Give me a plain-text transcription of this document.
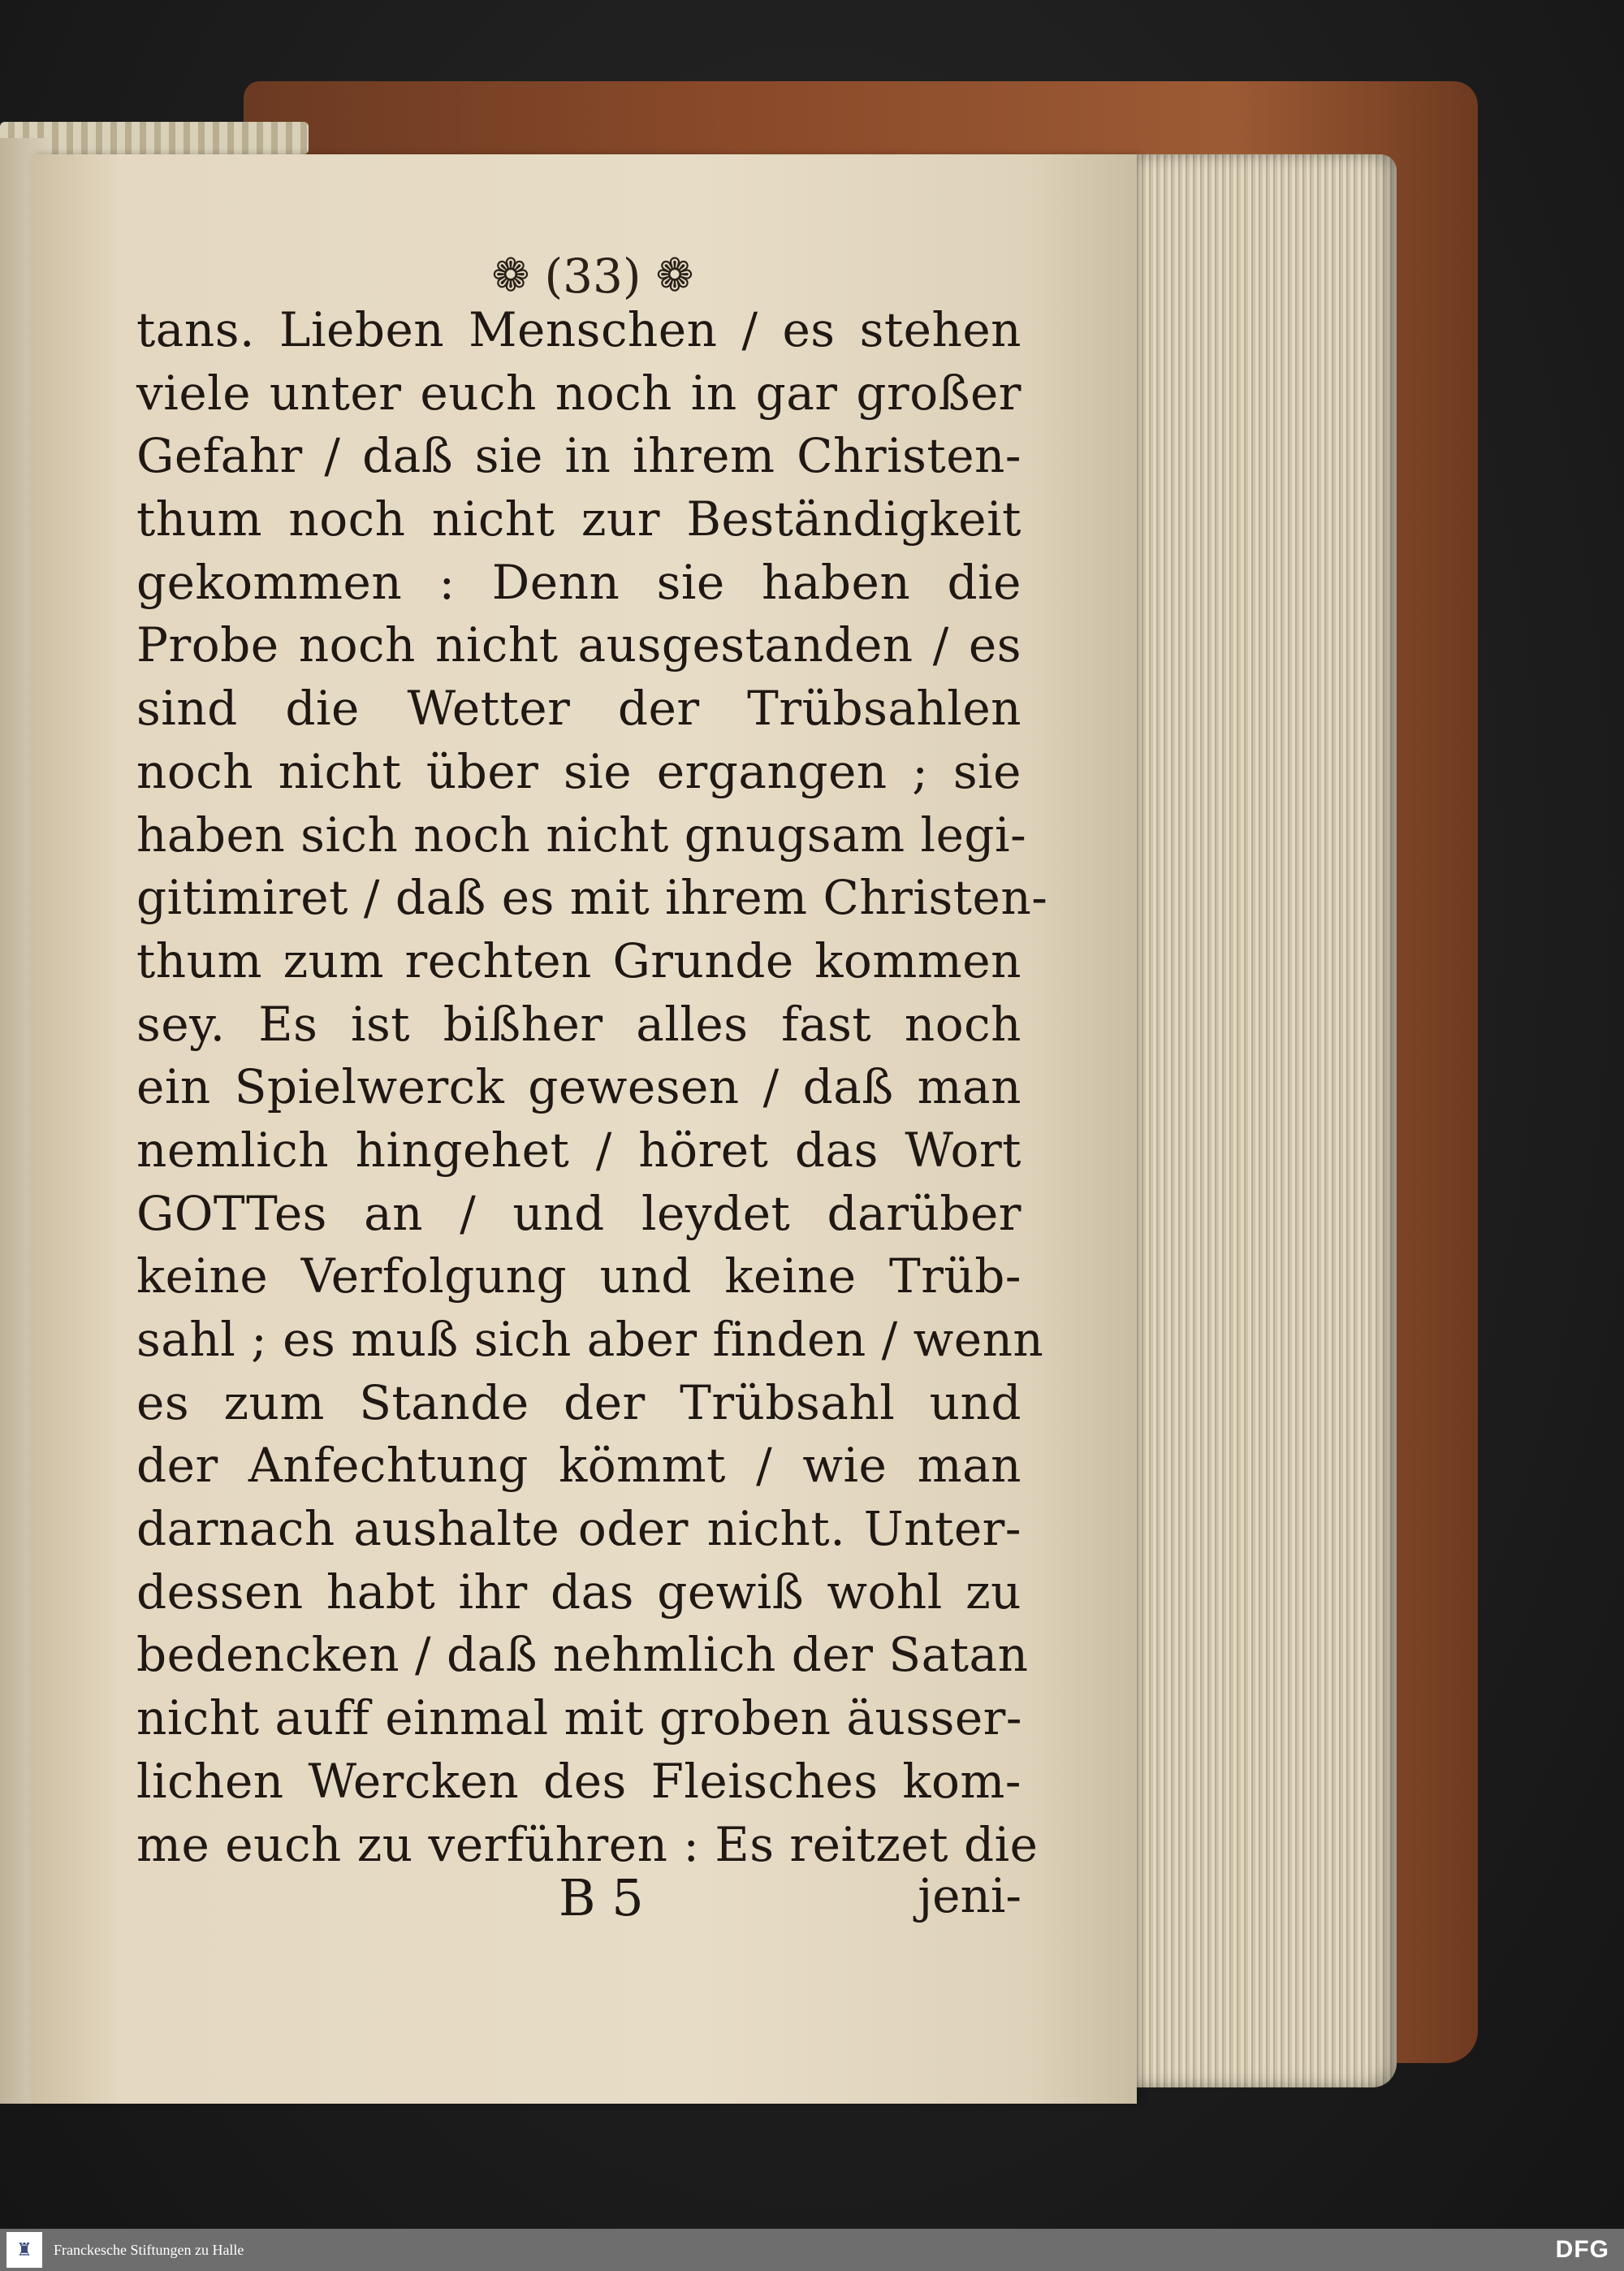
❁ (33) ❁
tans. Lieben Menschen / es stehen
viele unter euch noch in gar großer
Gefahr / daß sie in ihrem Christen-
thum noch nicht zur Beständigkeit
gekommen : Denn sie haben die
Probe noch nicht ausgestanden / es
sind die Wetter der Trübsahlen
noch nicht über sie ergangen ; sie
haben sich noch nicht gnugsam legi-
gitimiret / daß es mit ihrem Christen-
thum zum rechten Grunde kommen
sey. Es ist bißher alles fast noch
ein Spielwerck gewesen / daß man
nemlich hingehet / höret das Wort
GOTTes an / und leydet darüber
keine Verfolgung und keine Trüb-
sahl ; es muß sich aber finden / wenn
es zum Stande der Trübsahl und
der Anfechtung kömmt / wie man
darnach aushalte oder nicht. Unter-
dessen habt ihr das gewiß wohl zu
bedencken / daß nehmlich der Satan
nicht auff einmal mit groben äusser-
lichen Wercken des Fleisches kom-
me euch zu verführen : Es reitzet die
B 5	jeni-
♜	Franckesche Stiftungen zu Halle	DFG
